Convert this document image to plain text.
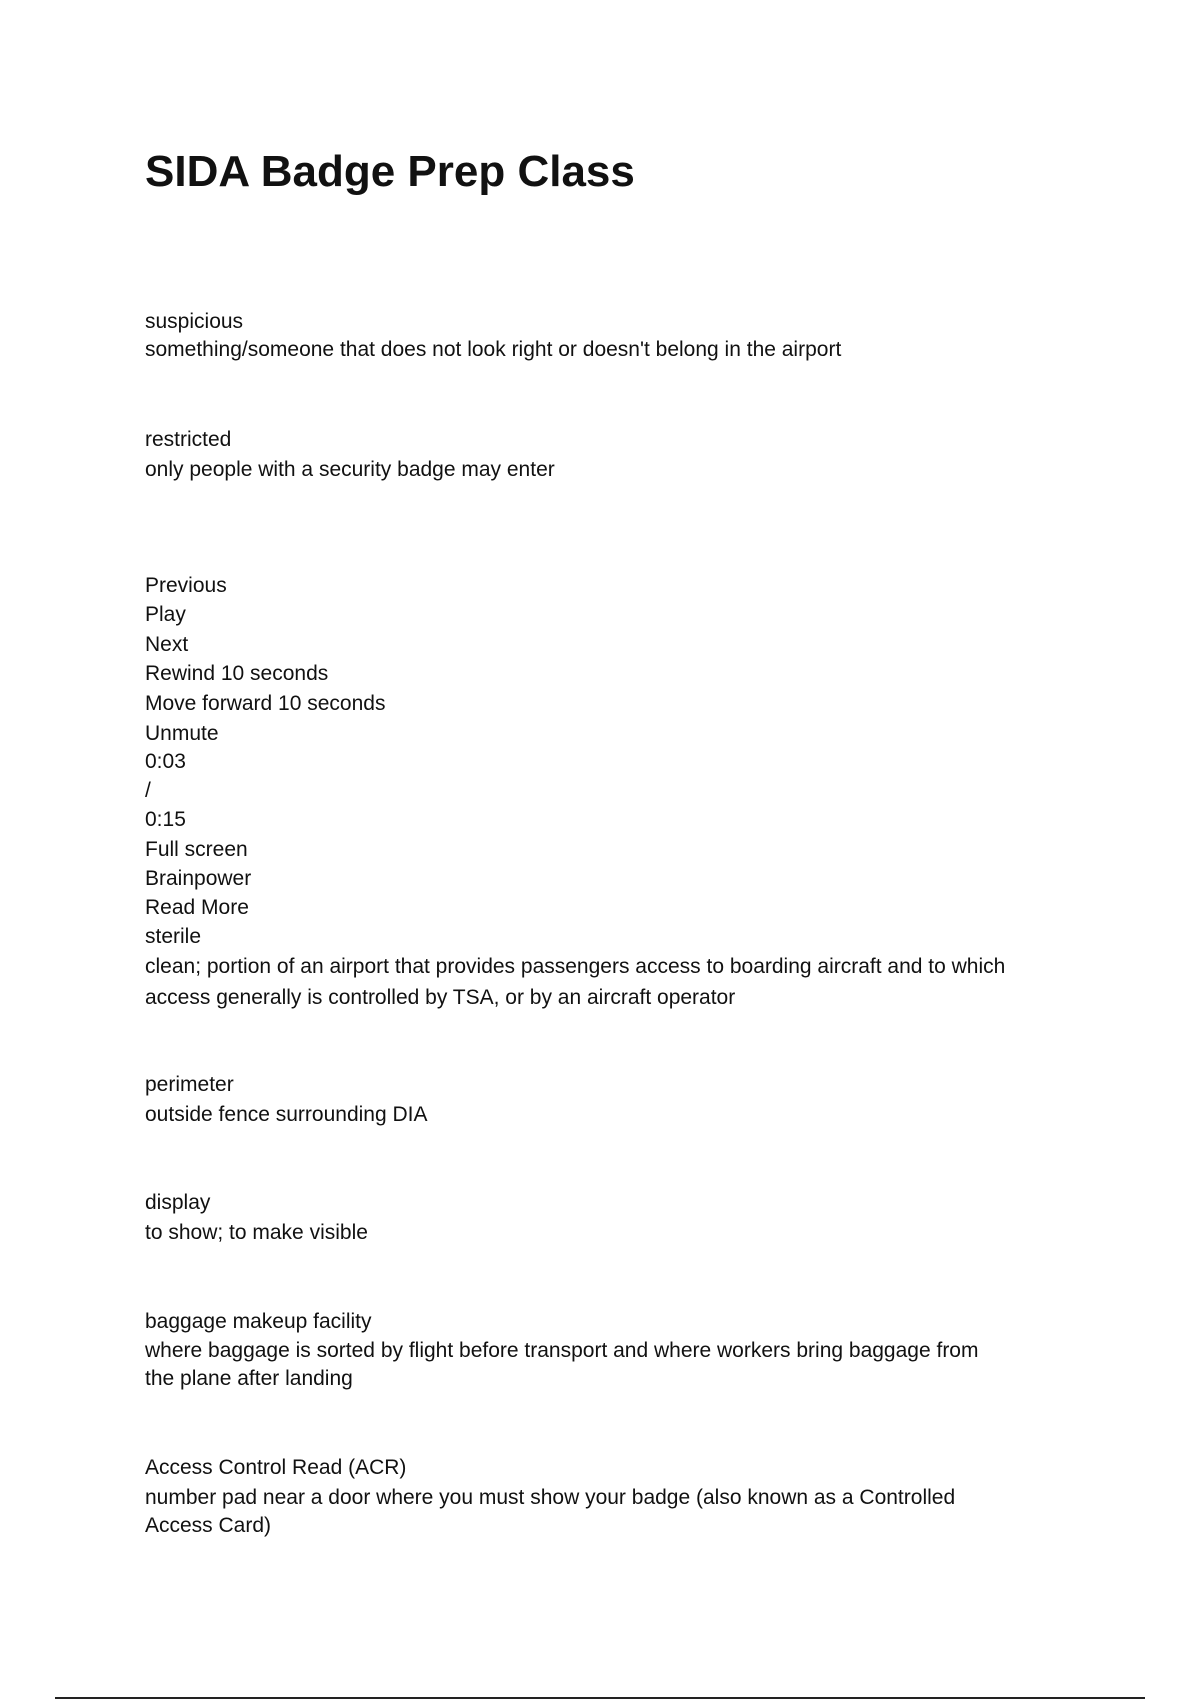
SIDA Badge Prep Class
suspicious
something/someone that does not look right or doesn't belong in the airport
restricted
only people with a security badge may enter
Previous
Play
Next
Rewind 10 seconds
Move forward 10 seconds
Unmute
0:03
/
0:15
Full screen
Brainpower
Read More
sterile
clean; portion of an airport that provides passengers access to boarding aircraft and to which
access generally is controlled by TSA, or by an aircraft operator
perimeter
outside fence surrounding DIA
display
to show; to make visible
baggage makeup facility
where baggage is sorted by flight before transport and where workers bring baggage from
the plane after landing
Access Control Read (ACR)
number pad near a door where you must show your badge (also known as a Controlled
Access Card)
